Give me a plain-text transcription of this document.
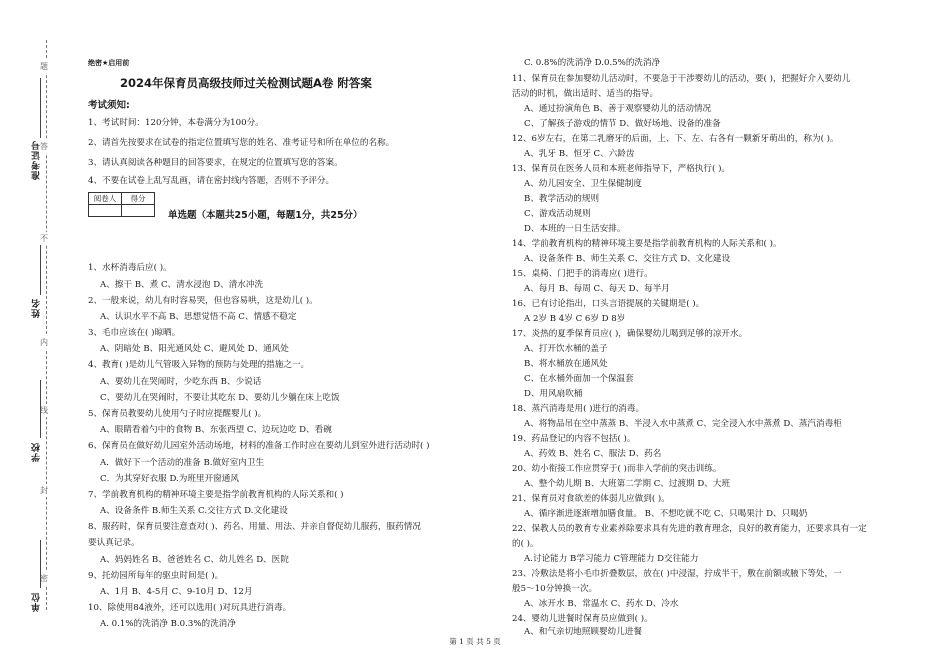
题
答
不
内
线
封
密
准考证号
姓名
学校
单位
绝密★启用前
2024年保育员高级技师过关检测试题A卷 附答案
考试须知:
1、考试时间：120分钟，本卷满分为100分。
2、请首先按要求在试卷的指定位置填写您的姓名、准考证号和所在单位的名称。
3、请认真阅读各种题目的回答要求，在规定的位置填写您的答案。
4、不要在试卷上乱写乱画，请在密封线内答题，否则不予评分。
阅卷人	得分

单选题（本题共25小题，每题1分，共25分）
1、水杯消毒后应( )。
A、擦干 B、煮 C、清水浸泡 D、清水冲洗
2、一般来说，幼儿有时容易哭，但也容易哄，这是幼儿( )。
A、认识水平不高 B、思想觉悟不高 C、情感不稳定
3、毛巾应该在( )晾晒。
A、阴暗处 B、阳光通风处 C、避风处 D、通风处
4、教育( )是幼儿气管吸入异物的预防与处理的措施之一。
A、要幼儿在哭闹时，少吃东西 B、少说话
C、要幼儿在哭闹时，不要让其吃东 D、要幼儿少躺在床上吃饭
5、保育员教要幼儿使用勺子时应提醒婴儿( )。
A、眼睛看着勺中的食物 B、东张西望 C、边玩边吃 D、看碗
6、保育员在做好幼儿园室外活动场地，材料的准备工作时应在要幼儿到室外进行活动时( )
A．做好下一个活动的准备 B.做好室内卫生
C．为其穿好衣服 D.为班里开窗通风
7、学前教育机构的精神环境主要是指学前教育机构的人际关系和( )
A、设备条件 B.师生关系 C.交往方式 D.文化建设
8、服药时，保育员要注意查对( )、药名、用量、用法、并亲自督促幼儿服药，服药情况
要认真记录。
A、妈妈姓名 B、爸爸姓名 C、幼儿姓名 D、医院
9、托幼园所每年的驱虫时间是( )。
A、1月 B、4-5月 C、9-10月 D、12月
10、除使用84液外，还可以选用( )对玩具进行消毒。
A. 0.1%的洗消净 B.0.3%的洗消净
C. 0.8%的洗消净 D.0.5%的洗消净
11、保育员在参加婴幼儿活动时，不要急于干涉婴幼儿的活动，要( )，把握好介入要幼儿
活动的时机，做出适时、适当的指导。
A、通过扮演角色 B、善于观察婴幼儿的活动情况
C、了解孩子游戏的情节 D、做好场地、设备的准备
12、6岁左右，在第二乳磨牙的后面，上、下、左、右各有一颗新牙萌出的，称为( )。
A、乳牙 B、恒牙 C、六龄齿
13、保育员在医务人员和本班老师指导下，严格执行( )。
A、幼儿园安全、卫生保健制度
B、教学活动的规则
C、游戏活动规则
D、本班的一日生活安排。
14、学前教育机构的精神环境主要是指学前教育机构的人际关系和( )。
A、设备条件 B、师生关系 C、交往方式 D、文化建设
15、桌椅、门把手的消毒应( )进行。
A、每月 B、每周 C、每天 D、每半月
16、已有讨论指出，口头言语提展的关键期是( )。
A 2岁 B 4岁 C 6岁 D 8岁
17、炎热的夏季保育员应( )，确保婴幼儿喝到足够的凉开水。
A、打开饮水桶的盖子
B、将水桶放在通风处
C、在水桶外面加一个保温套
D、用风扇吹桶
18、蒸汽消毒是用( )进行的消毒。
A、将物品吊在空中蒸蒸 B、半浸入水中蒸煮 C、完全浸入水中蒸煮 D、蒸汽消毒柜
19、药品登记的内容不包括( )。
A、药效 B、姓名 C、服法 D、药名
20、幼小衔接工作应贯穿于( )而非入学前的突击训练。
A、整个幼儿期 B、大班第二学期 C、过渡期 D、大班
21、保育员对食欲差的体弱儿应做到( )。
A、循序渐进逐渐增加膳食量。 B、不想吃就不吃 C、只喝果汁 D、只喝奶
22、保教人员的教育专业素养除要求具有先进的教育理念，良好的教育能力，还要求具有一定
的( )。
A.讨论能力 B学习能力 C管理能力 D交往能力
23、冷敷法是将小毛巾折叠数层，放在( )中浸湿，拧成半干，敷在前额或腋下等处，一
般5～10分钟换一次。
A、冰开水 B、常温水 C、药水 D、冷水
24、婴幼儿进餐时保育员应做到( )。
A、和气亲切地照顾婴幼儿进餐
第 1 页 共 5 页
